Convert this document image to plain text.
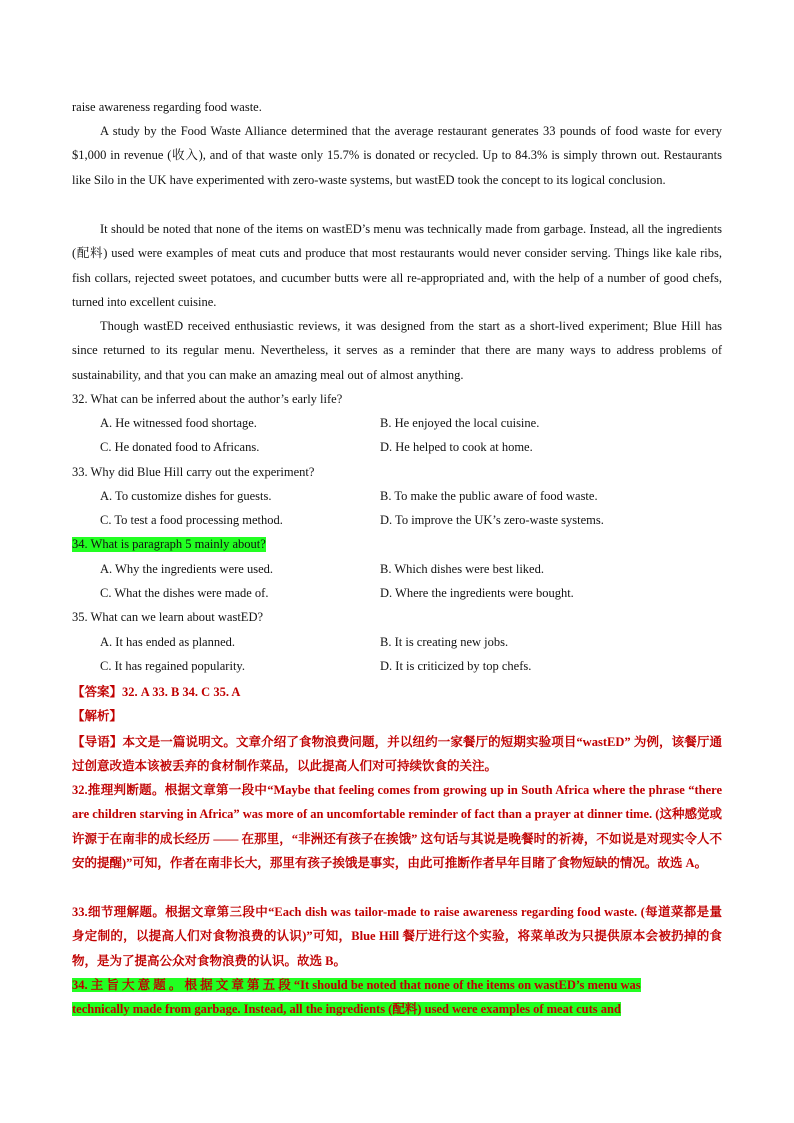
raise awareness regarding food waste.

A study by the Food Waste Alliance determined that the average restaurant generates 33 pounds of food waste for every $1,000 in revenue (收入), and of that waste only 15.7% is donated or recycled. Up to 84.3% is simply thrown out. Restaurants like Silo in the UK have experimented with zero-waste systems, but wastED took the concept to its logical conclusion.

It should be noted that none of the items on wastED’s menu was technically made from garbage. Instead, all the ingredients (配料) used were examples of meat cuts and produce that most restaurants would never consider serving. Things like kale ribs, fish collars, rejected sweet potatoes, and cucumber butts were all re-appropriated and, with the help of a number of good chefs, turned into excellent cuisine.

Though wastED received enthusiastic reviews, it was designed from the start as a short-lived experiment; Blue Hill has since returned to its regular menu. Nevertheless, it serves as a reminder that there are many ways to address problems of sustainability, and that you can make an amazing meal out of almost anything.

32. What can be inferred about the author’s early life?
A. He witnessed food shortage.	B. He enjoyed the local cuisine.
C. He donated food to Africans.	D. He helped to cook at home.
33. Why did Blue Hill carry out the experiment?
A. To customize dishes for guests.	B. To make the public aware of food waste.
C. To test a food processing method.	D. To improve the UK’s zero-waste systems.
34. What is paragraph 5 mainly about?
A. Why the ingredients were used.	B. Which dishes were best liked.
C. What the dishes were made of.	D. Where the ingredients were bought.
35. What can we learn about wastED?
A. It has ended as planned.	B. It is creating new jobs.
C. It has regained popularity.	D. It is criticized by top chefs.
【答案】32. A 33. B 34. C 35. A
【解析】

【导语】本文是一篇说明文。文章介绍了食物浪费问题，并以纽约一家餐厅的短期实验项目“wastED” 为例，该餐厅通过创意改造本该被丢弃的食材制作菜品，以此提高人们对可持续饮食的关注。

32.推理判断题。根据文章第一段中“Maybe that feeling comes from growing up in South Africa where the phrase “there are children starving in Africa” was more of an uncomfortable reminder of fact than a prayer at dinner time. (这种感觉或许源于在南非的成长经历 —— 在那里，“非洲还有孩子在挨饿” 这句话与其说是晚餐时的祈祷，不如说是对现实令人不安的提醒)”可知，作者在南非长大，那里有孩子挨饿是事实，由此可推断作者早年目睹了食物短缺的情况。故选 A。

33.细节理解题。根据文章第三段中“Each dish was tailor-made to raise awareness regarding food waste. (每道菜都是量身定制的，以提高人们对食物浪费的认识)”可知，Blue Hill 餐厅进行这个实验，将菜单改为只提供原本会被扔掉的食物，是为了提高公众对食物浪费的认识。故选 B。

34. 主 旨 大 意 题 。 根 据 文 章 第 五 段 “It should be noted that none of the items on wastED’s menu was
technically made from garbage. Instead, all the ingredients (配料) used were examples of meat cuts and
